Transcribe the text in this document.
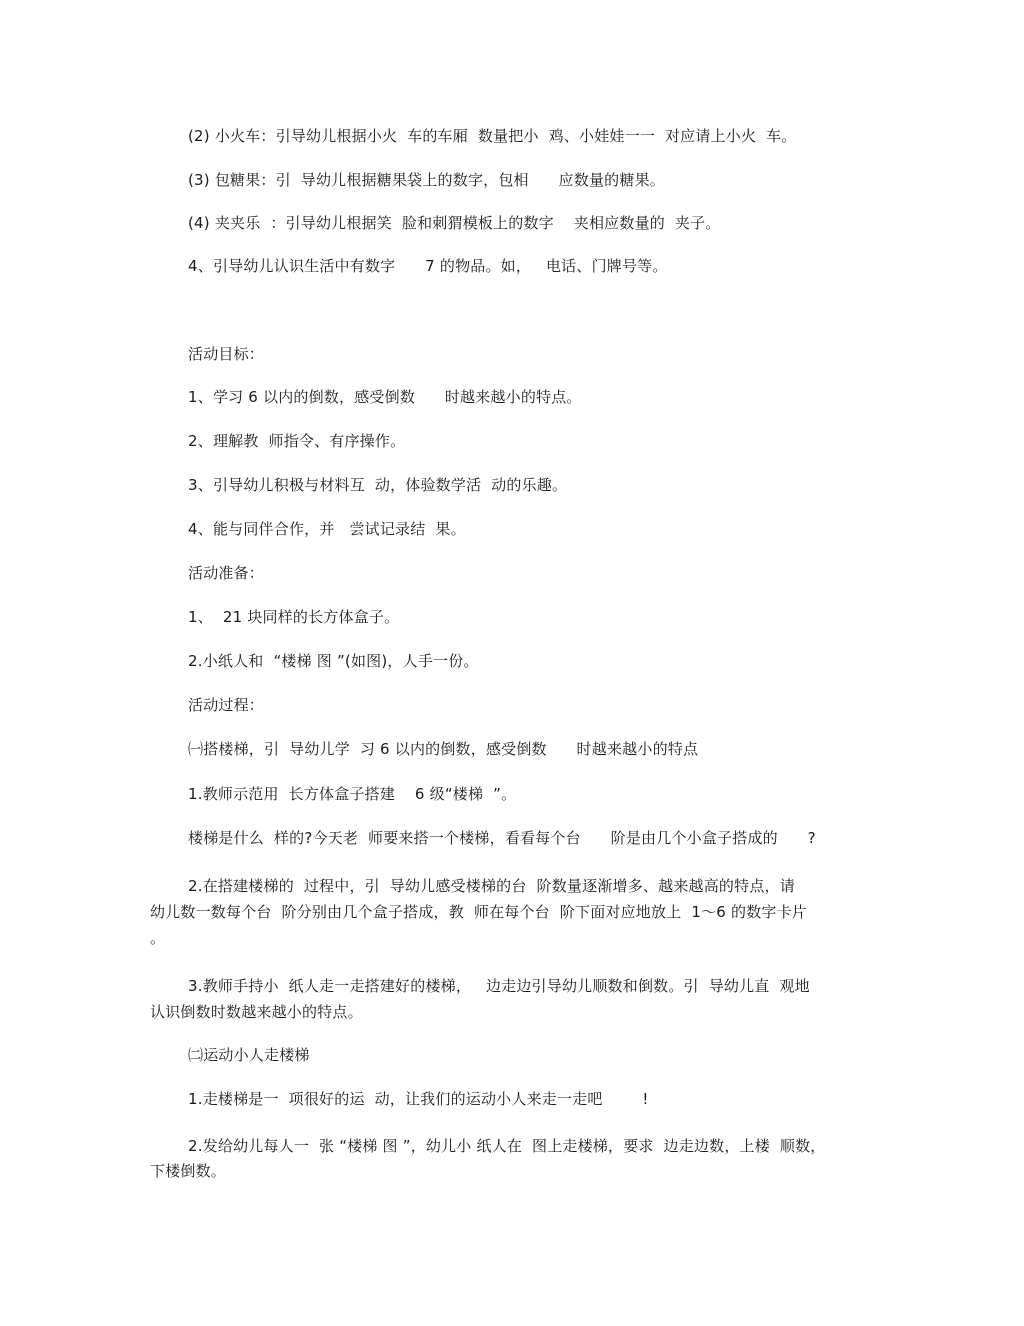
(2) 小火车：引导幼儿根据小火  车的车厢  数量把小  鸡、小娃娃一一  对应请上小火  车。
(3) 包糖果：引  导幼儿根据糖果袋上的数字，包相      应数量的糖果。
(4) 夹夹乐  ：引导幼儿根据笑  脸和刺猬模板上的数字    夹相应数量的  夹子。
4、引导幼儿认识生活中有数字      7 的物品。如，   电话、门牌号等。
活动目标：
1、学习 6 以内的倒数，感受倒数      时越来越小的特点。
2、理解教  师指令、有序操作。
3、引导幼儿积极与材料互  动，体验数学活  动的乐趣。
4、能与同伴合作，并   尝试记录结  果。
活动准备：
1、  21 块同样的长方体盒子。
2.小纸人和  “楼梯 图 ”(如图)，人手一份。
活动过程：
㈠搭楼梯，引  导幼儿学  习 6 以内的倒数，感受倒数      时越来越小的特点
1.教师示范用  长方体盒子搭建    6 级“楼梯  ”。
楼梯是什么  样的?今天老  师要来搭一个楼梯，看看每个台      阶是由几个小盒子搭成的      ?
2.在搭建楼梯的  过程中，引  导幼儿感受楼梯的台  阶数量逐渐增多、越来越高的特点，请
幼儿数一数每个台  阶分别由几个盒子搭成，教  师在每个台  阶下面对应地放上  1～6 的数字卡片
。
3.教师手持小  纸人走一走搭建好的楼梯，   边走边引导幼儿顺数和倒数。引  导幼儿直  观地
认识倒数时数越来越小的特点。
㈡运动小人走楼梯
1.走楼梯是一  项很好的运  动，让我们的运动小人来走一走吧        !
2.发给幼儿每人一  张 “楼梯 图 ”，幼儿小 纸人在  图上走楼梯，要求  边走边数，上楼  顺数，
下楼倒数。
